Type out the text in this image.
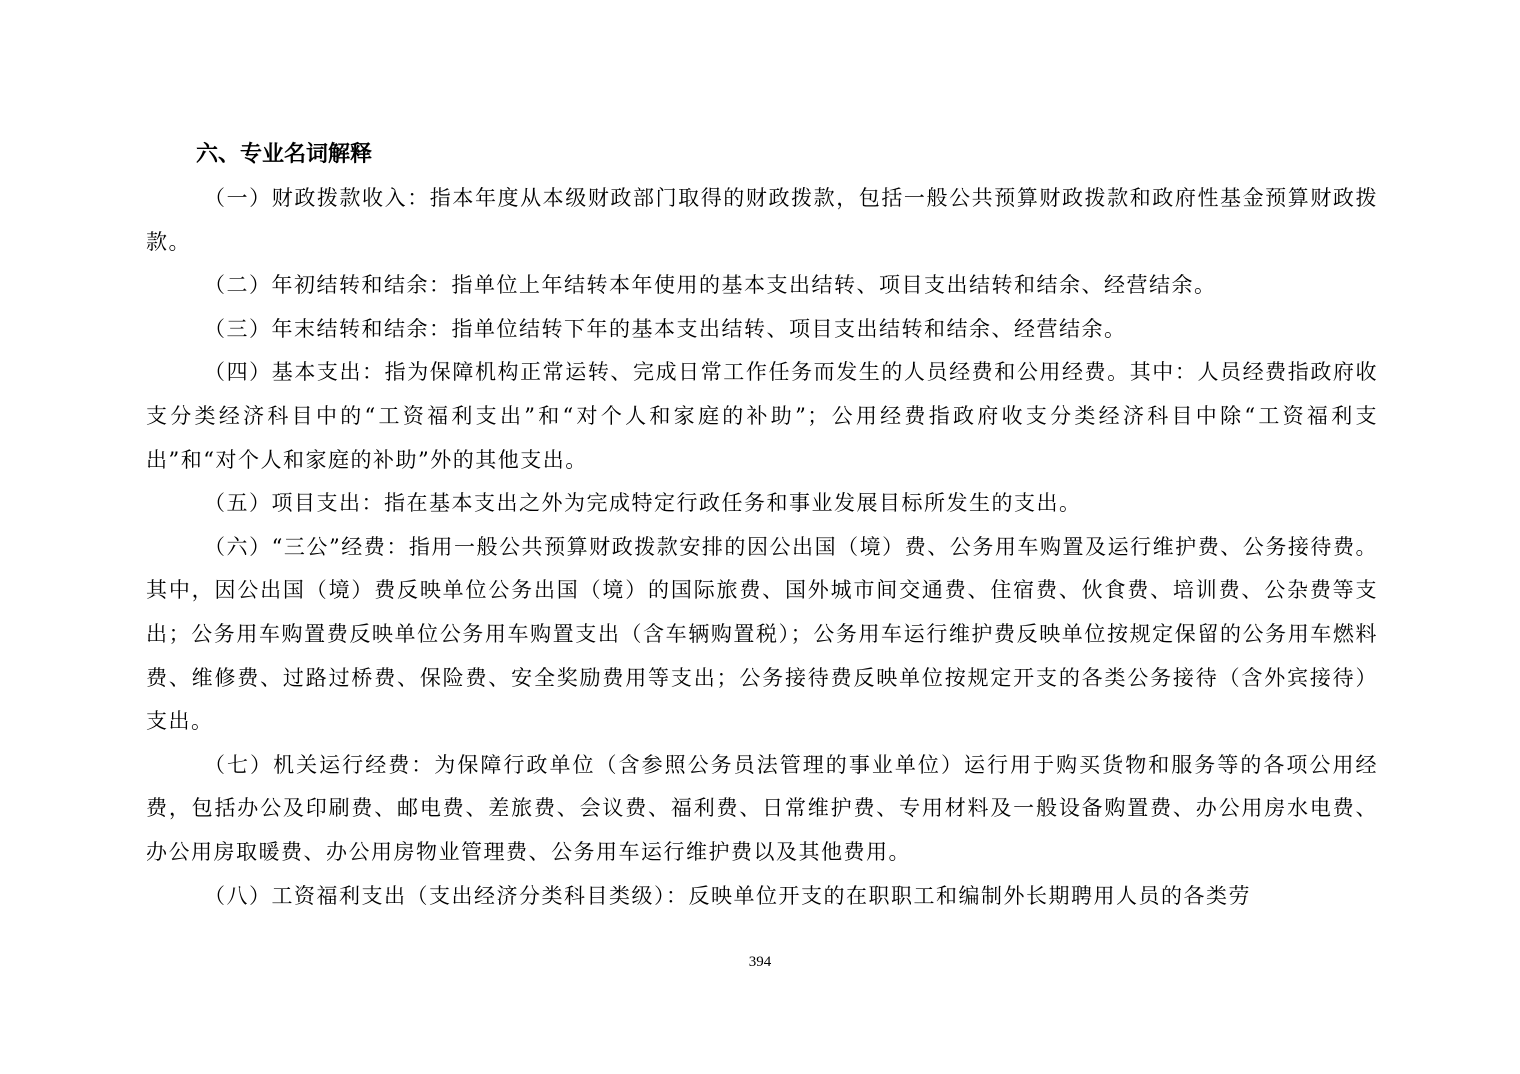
六、专业名词解释

（一）财政拨款收入：指本年度从本级财政部门取得的财政拨款，包括一般公共预算财政拨款和政府性基金预算财政拨款。

（二）年初结转和结余：指单位上年结转本年使用的基本支出结转、项目支出结转和结余、经营结余。

（三）年末结转和结余：指单位结转下年的基本支出结转、项目支出结转和结余、经营结余。

（四）基本支出：指为保障机构正常运转、完成日常工作任务而发生的人员经费和公用经费。其中：人员经费指政府收支分类经济科目中的“工资福利支出”和“对个人和家庭的补助”；公用经费指政府收支分类经济科目中除“工资福利支出”和“对个人和家庭的补助”外的其他支出。

（五）项目支出：指在基本支出之外为完成特定行政任务和事业发展目标所发生的支出。

（六）“三公”经费：指用一般公共预算财政拨款安排的因公出国（境）费、公务用车购置及运行维护费、公务接待费。其中，因公出国（境）费反映单位公务出国（境）的国际旅费、国外城市间交通费、住宿费、伙食费、培训费、公杂费等支出；公务用车购置费反映单位公务用车购置支出（含车辆购置税）；公务用车运行维护费反映单位按规定保留的公务用车燃料费、维修费、过路过桥费、保险费、安全奖励费用等支出；公务接待费反映单位按规定开支的各类公务接待（含外宾接待）支出。

（七）机关运行经费：为保障行政单位（含参照公务员法管理的事业单位）运行用于购买货物和服务等的各项公用经费，包括办公及印刷费、邮电费、差旅费、会议费、福利费、日常维护费、专用材料及一般设备购置费、办公用房水电费、办公用房取暖费、办公用房物业管理费、公务用车运行维护费以及其他费用。

（八）工资福利支出（支出经济分类科目类级）：反映单位开支的在职职工和编制外长期聘用人员的各类劳

394
